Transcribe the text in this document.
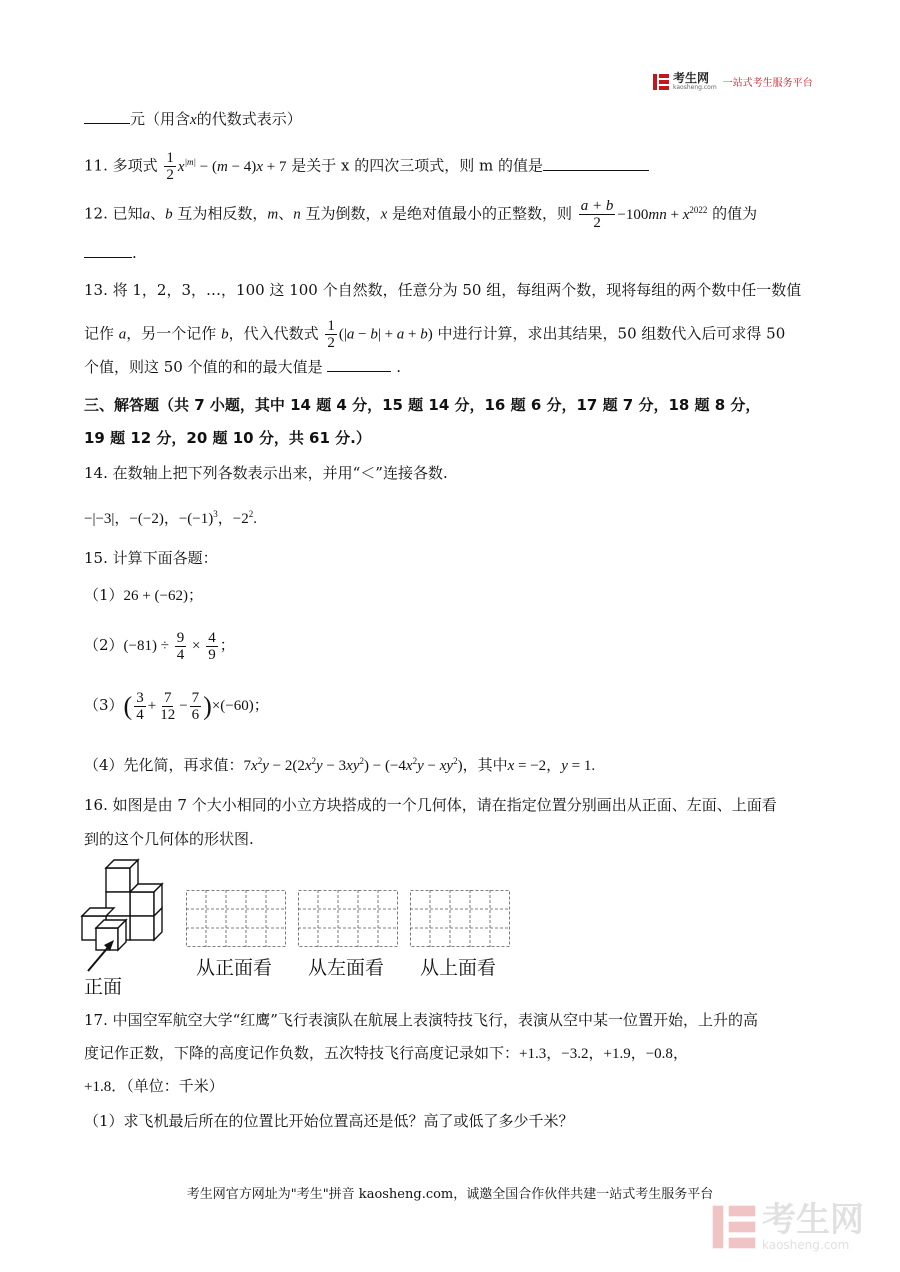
考生网
kaosheng.com 一站式考生服务平台
元（用含x的代数式表示）
11. 多项式 $\frac{1}{2} x^{|m|} - (m - 4)x + 7$ 是关于 x 的四次三项式，则 m 的值是
12. 已知a、b 互为相反数，m、n 互为倒数，x 是绝对值最小的正整数，则 $\frac{a + b}{2} -100mn + x^{2022}$ 的值为
.
13. 将 1，2，3，…，100 这 100 个自然数，任意分为 50 组，每组两个数，现将每组的两个数中任一数值
记作 a，另一个记作 b，代入代数式 $\frac{1}{2} (|a - b| + a + b)$ 中进行计算，求出其结果，50 组数代入后可求得 50
个值，则这 50 个值的和的最大值是	.
三、解答题（共 7 小题，其中 14 题 4 分，15 题 14 分，16 题 6 分，17 题 7 分，18 题 8 分，
19 题 12 分，20 题 10 分，共 61 分.）
14. 在数轴上把下列各数表示出来，并用“＜”连接各数.
−|−3|，−(−2)，$-(-1)^3$，$-2^2$.
15. 计算下面各题：
（1）26 + (−62)；
$(2)(-81) \div \frac{9}{4} \times \frac{4}{9}$ ；
$(3)( \frac{3}{4} + \frac{7}{12} - \frac{7}{6} )\times(-60)$；
（4）先化简，再求值：$7x^2y - 2(2x^2y - 3xy^2) - (-4x^2y - xy^2)$，其中x = −2，y = 1.
16. 如图是由 7 个大小相同的小立方块搭成的一个几何体，请在指定位置分别画出从正面、左面、上面看
到的这个几何体的形状图.
正面
从正面看 从左面看 从上面看
17. 中国空军航空大学“红鹰”飞行表演队在航展上表演特技飞行，表演从空中某一位置开始，上升的高
度记作正数，下降的高度记作负数，五次特技飞行高度记录如下：+1.3，−3.2，+1.9，−0.8，
+1.8．（单位：千米）
（1）求飞机最后所在的位置比开始位置高还是低？高了或低了多少千米？
考生网官方网址为"考生"拼音 kaosheng.com，诚邀全国合作伙伴共建一站式考生服务平台
考生网
kaosheng.com
